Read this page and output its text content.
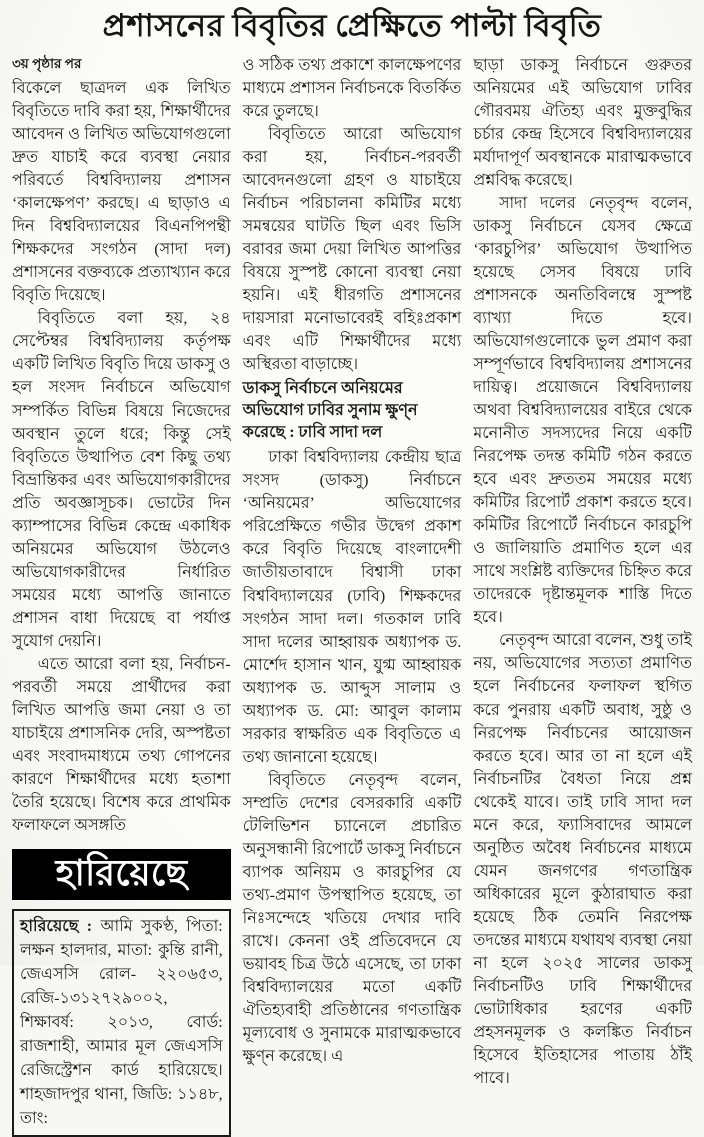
প্রশাসনের বিবৃতির প্রেক্ষিতে পাল্টা বিবৃতি
৩য় পৃষ্ঠার পর

বিকেলে ছাত্রদল এক লিখিত বিবৃতিতে দাবি করা হয়, শিক্ষার্থীদের আবেদন ও লিখিত অভিযোগগুলো দ্রুত যাচাই করে ব্যবস্থা নেয়ার পরিবর্তে বিশ্ববিদ্যালয় প্রশাসন ‘কালক্ষেপণ’ করছে। এ ছাড়াও এ দিন বিশ্ববিদ্যালয়ের বিএনপিপন্থী শিক্ষকদের সংগঠন (সাদা দল) প্রশাসনের বক্তব্যকে প্রত্যাখ্যান করে বিবৃতি দিয়েছে।

বিবৃতিতে বলা হয়, ২৪ সেপ্টেম্বর বিশ্ববিদ্যালয় কর্তৃপক্ষ একটি লিখিত বিবৃতি দিয়ে ডাকসু ও হল সংসদ নির্বাচনে অভিযোগ সম্পর্কিত বিভিন্ন বিষয়ে নিজেদের অবস্থান তুলে ধরে; কিন্তু সেই বিবৃতিতে উত্থাপিত বেশ কিছু তথ্য বিভ্রান্তিকর এবং অভিযোগকারীদের প্রতি অবজ্ঞাসূচক। ভোটের দিন ক্যাম্পাসের বিভিন্ন কেন্দ্রে একাধিক অনিয়মের অভিযোগ উঠলেও অভিযোগকারীদের নির্ধারিত সময়ের মধ্যে আপত্তি জানাতে প্রশাসন বাধা দিয়েছে বা পর্যাপ্ত সুযোগ দেয়নি।

এতে আরো বলা হয়, নির্বাচন-পরবর্তী সময়ে প্রার্থীদের করা লিখিত আপত্তি জমা নেয়া ও তা যাচাইয়ে প্রশাসনিক দেরি, অস্পষ্টতা এবং সংবাদমাধ্যমে তথ্য গোপনের কারণে শিক্ষার্থীদের মধ্যে হতাশা তৈরি হয়েছে। বিশেষ করে প্রাথমিক ফলাফলে অসঙ্গতি

হারিয়েছে
হারিয়েছে : আমি সুকণ্ঠ, পিতা: লক্ষন হালদার, মাতা: কুন্তি রানী, জেএসসি রোল- ২২০৬৫৩, রেজি-১৩১২৭২৯০০২, শিক্ষাবর্ষ: ২০১৩, বোর্ড: রাজশাহী, আমার মূল জেএসসি রেজিস্ট্রেশন কার্ড হারিয়েছে। শাহজাদপুর থানা, জিডি: ১১৪৮, তাং:

ও সঠিক তথ্য প্রকাশে কালক্ষেপণের মাধ্যমে প্রশাসন নির্বাচনকে বিতর্কিত করে তুলছে।

বিবৃতিতে আরো অভিযোগ করা হয়, নির্বাচন-পরবর্তী আবেদনগুলো গ্রহণ ও যাচাইয়ে নির্বাচন পরিচালনা কমিটির মধ্যে সমন্বয়ের ঘাটতি ছিল এবং ভিসি বরাবর জমা দেয়া লিখিত আপত্তির বিষয়ে সুস্পষ্ট কোনো ব্যবস্থা নেয়া হয়নি। এই ধীরগতি প্রশাসনের দায়সারা মনোভাবেরই বহিঃপ্রকাশ এবং এটি শিক্ষার্থীদের মধ্যে অস্থিরতা বাড়াচ্ছে।

ডাকসু নির্বাচনে অনিয়মের অভিযোগ ঢাবির সুনাম ক্ষুণ্ন করেছে : ঢাবি সাদা দল

ঢাকা বিশ্ববিদ্যালয় কেন্দ্রীয় ছাত্র সংসদ (ডাকসু) নির্বাচনে ‘অনিয়মের’ অভিযোগের পরিপ্রেক্ষিতে গভীর উদ্বেগ প্রকাশ করে বিবৃতি দিয়েছে বাংলাদেশী জাতীয়তাবাদে বিশ্বাসী ঢাকা বিশ্ববিদ্যালয়ের (ঢাবি) শিক্ষকদের সংগঠন সাদা দল। গতকাল ঢাবি সাদা দলের আহ্বায়ক অধ্যাপক ড. মোর্শেদ হাসান খান, যুগ্ম আহ্বায়ক অধ্যাপক ড. আব্দুস সালাম ও অধ্যাপক ড. মো: আবুল কালাম সরকার স্বাক্ষরিত এক বিবৃতিতে এ তথ্য জানানো হয়েছে।

বিবৃতিতে নেতৃবৃন্দ বলেন, সম্প্রতি দেশের বেসরকারি একটি টেলিভিশন চ্যানেলে প্রচারিত অনুসন্ধানী রিপোর্টে ডাকসু নির্বাচনে ব্যাপক অনিয়ম ও কারচুপির যে তথ্য-প্রমাণ উপস্থাপিত হয়েছে, তা নিঃসন্দেহে খতিয়ে দেখার দাবি রাখে। কেননা ওই প্রতিবেদনে যে ভয়াবহ চিত্র উঠে এসেছে, তা ঢাকা বিশ্ববিদ্যালয়ের মতো একটি ঐতিহ্যবাহী প্রতিষ্ঠানের গণতান্ত্রিক মূল্যবোধ ও সুনামকে মারাত্মকভাবে ক্ষুণ্ন করেছে। এ

ছাড়া ডাকসু নির্বাচনে গুরুতর অনিয়মের এই অভিযোগ ঢাবির গৌরবময় ঐতিহ্য এবং মুক্তবুদ্ধির চর্চার কেন্দ্র হিসেবে বিশ্ববিদ্যালয়ের মর্যাদাপূর্ণ অবস্থানকে মারাত্মকভাবে প্রশ্নবিদ্ধ করেছে।

সাদা দলের নেতৃবৃন্দ বলেন, ডাকসু নির্বাচনে যেসব ক্ষেত্রে ‘কারচুপির’ অভিযোগ উত্থাপিত হয়েছে সেসব বিষয়ে ঢাবি প্রশাসনকে অনতিবিলম্বে সুস্পষ্ট ব্যাখ্যা দিতে হবে। অভিযোগগুলোকে ভুল প্রমাণ করা সম্পূর্ণভাবে বিশ্ববিদ্যালয় প্রশাসনের দায়িত্ব। প্রয়োজনে বিশ্ববিদ্যালয় অথবা বিশ্ববিদ্যালয়ের বাইরে থেকে মনোনীত সদস্যদের নিয়ে একটি নিরপেক্ষ তদন্ত কমিটি গঠন করতে হবে এবং দ্রুততম সময়ের মধ্যে কমিটির রিপোর্ট প্রকাশ করতে হবে। কমিটির রিপোর্টে নির্বাচনে কারচুপি ও জালিয়াতি প্রমাণিত হলে এর সাথে সংশ্লিষ্ট ব্যক্তিদের চিহ্নিত করে তাদেরকে দৃষ্টান্তমূলক শাস্তি দিতে হবে।

নেতৃবৃন্দ আরো বলেন, শুধু তাই নয়, অভিযোগের সত্যতা প্রমাণিত হলে নির্বাচনের ফলাফল স্থগিত করে পুনরায় একটি অবাধ, সুষ্ঠু ও নিরপেক্ষ নির্বাচনের আয়োজন করতে হবে। আর তা না হলে এই নির্বাচনটির বৈধতা নিয়ে প্রশ্ন থেকেই যাবে। তাই ঢাবি সাদা দল মনে করে, ফ্যাসিবাদের আমলে অনুষ্ঠিত অবৈধ নির্বাচনের মাধ্যমে যেমন জনগণের গণতান্ত্রিক অধিকারের মূলে কুঠারাঘাত করা হয়েছে ঠিক তেমনি নিরপেক্ষ তদন্তের মাধ্যমে যথাযথ ব্যবস্থা নেয়া না হলে ২০২৫ সালের ডাকসু নির্বাচনটিও ঢাবি শিক্ষার্থীদের ভোটাধিকার হরণের একটি প্রহসনমূলক ও কলঙ্কিত নির্বাচন হিসেবে ইতিহাসের পাতায় ঠাঁই পাবে।
